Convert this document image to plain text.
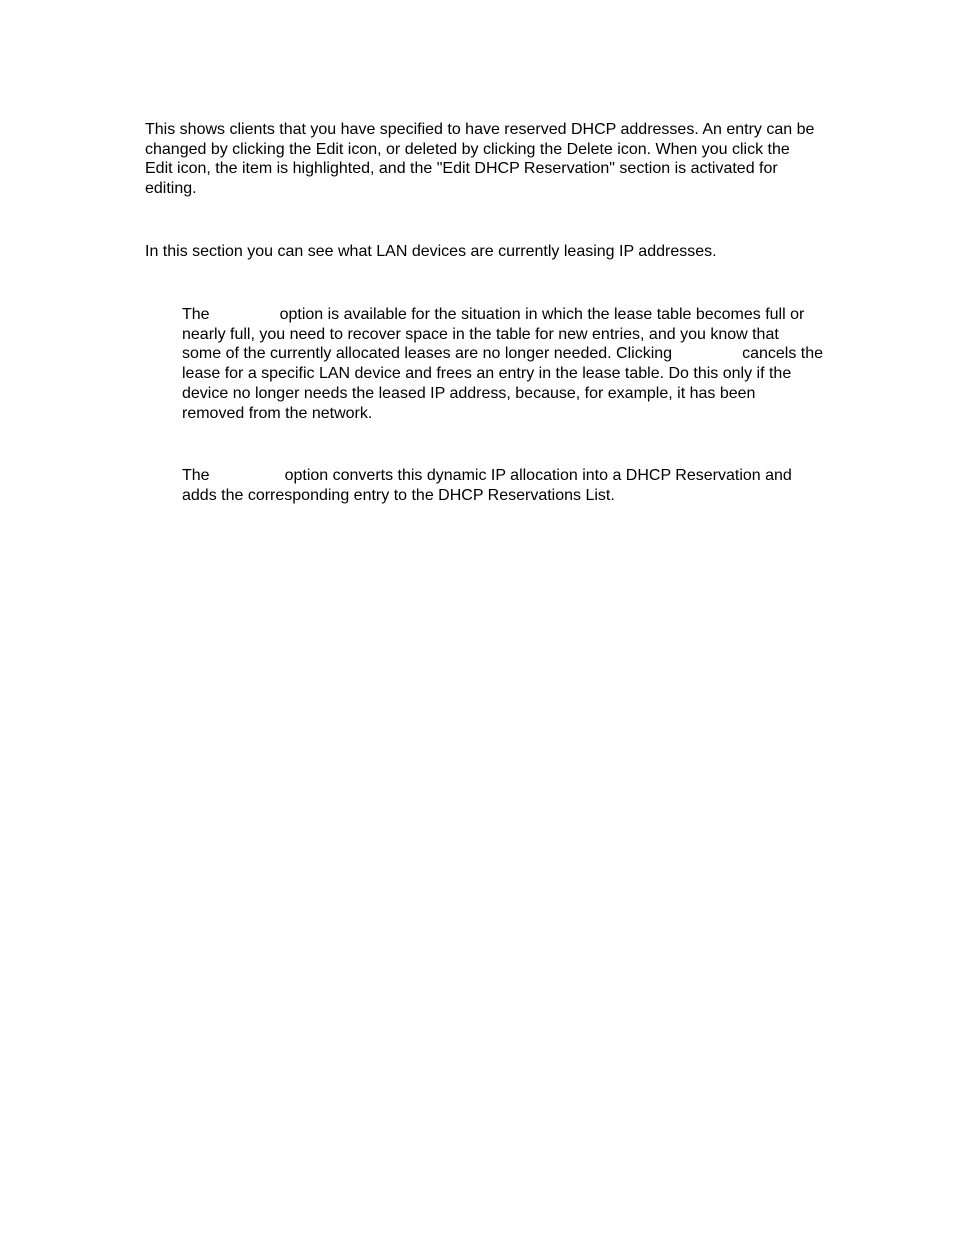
This shows clients that you have specified to have reserved DHCP addresses. An entry can be
changed by clicking the Edit icon, or deleted by clicking the Delete icon. When you click the
Edit icon, the item is highlighted, and the "Edit DHCP Reservation" section is activated for
editing.

In this section you can see what LAN devices are currently leasing IP addresses.

The	option is available for the situation in which the lease table becomes full or
nearly full, you need to recover space in the table for new entries, and you know that
some of the currently allocated leases are no longer needed. Clicking	cancels the
lease for a specific LAN device and frees an entry in the lease table. Do this only if the
device no longer needs the leased IP address, because, for example, it has been
removed from the network.

The	option converts this dynamic IP allocation into a DHCP Reservation and
adds the corresponding entry to the DHCP Reservations List.
